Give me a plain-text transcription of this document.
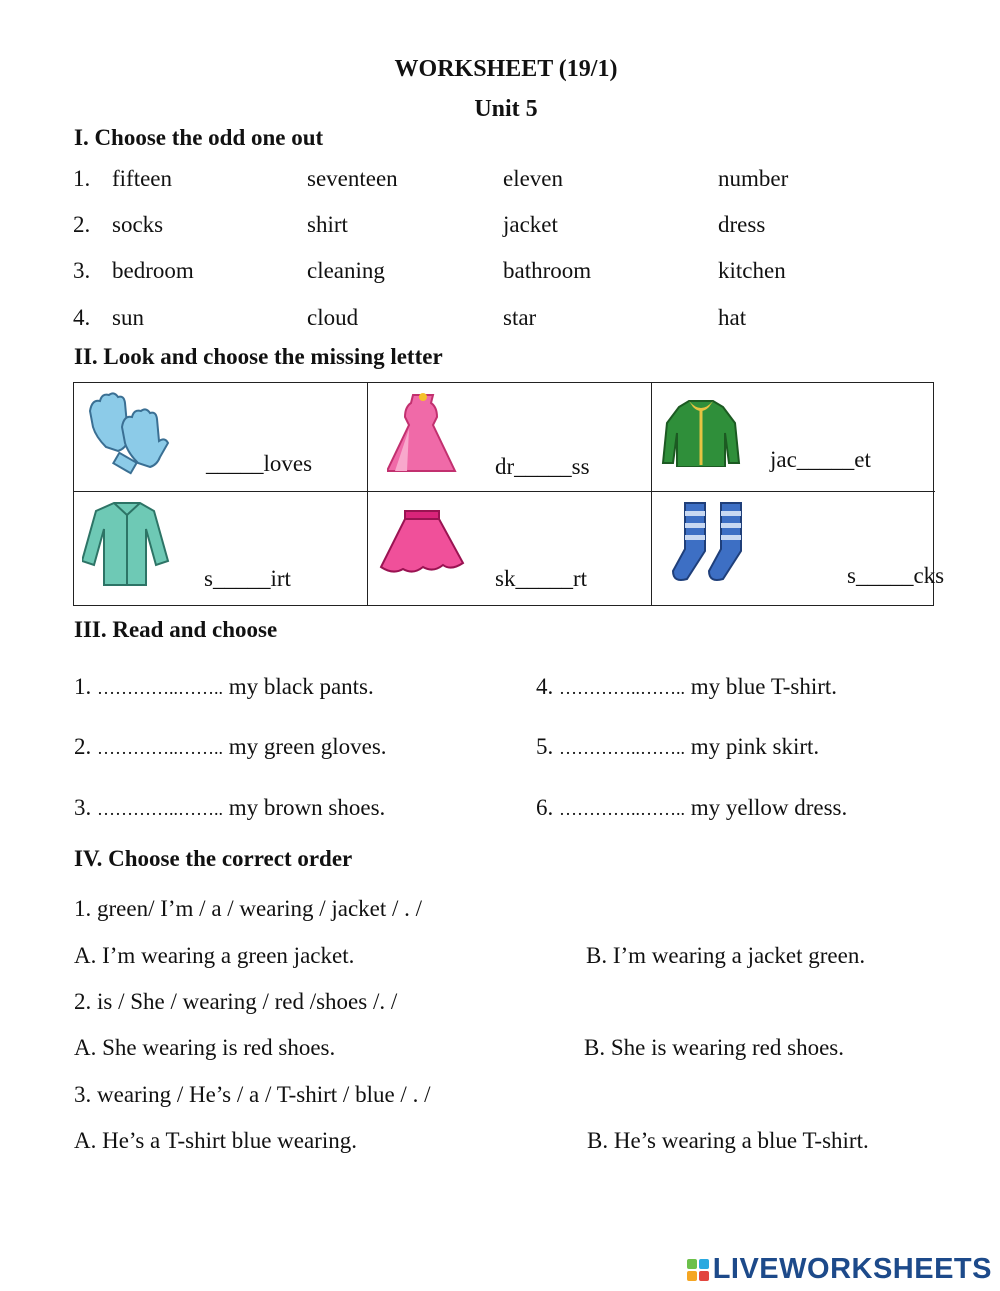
WORKSHEET (19/1)
Unit 5
I. Choose the odd one out
1. fifteen	seventeen	eleven	number
2. socks	shirt	jacket	dress
3. bedroom	cleaning	bathroom	kitchen
4. sun	cloud	star	hat
II. Look and choose the missing letter
_____loves	dr_____ss	jac_____et
s_____irt	sk_____rt	s_____cks
III. Read and choose
1. …………..…….. my black pants.
2. …………..…….. my green gloves.
3. …………..…….. my brown shoes.
4. …………..…….. my blue T-shirt.
5. …………..…….. my pink skirt.
6. …………..…….. my yellow dress.
IV. Choose the correct order
1. green/ I’m / a / wearing / jacket / . /
A. I’m wearing a green jacket.	B. I’m wearing a jacket green.
2. is / She / wearing / red /shoes /. /
A. She wearing is red shoes.	B. She is wearing red shoes.
3. wearing / He’s / a / T-shirt / blue / . /
A. He’s a T-shirt blue wearing.	B. He’s wearing a blue T-shirt.
LIVEWORKSHEETS
